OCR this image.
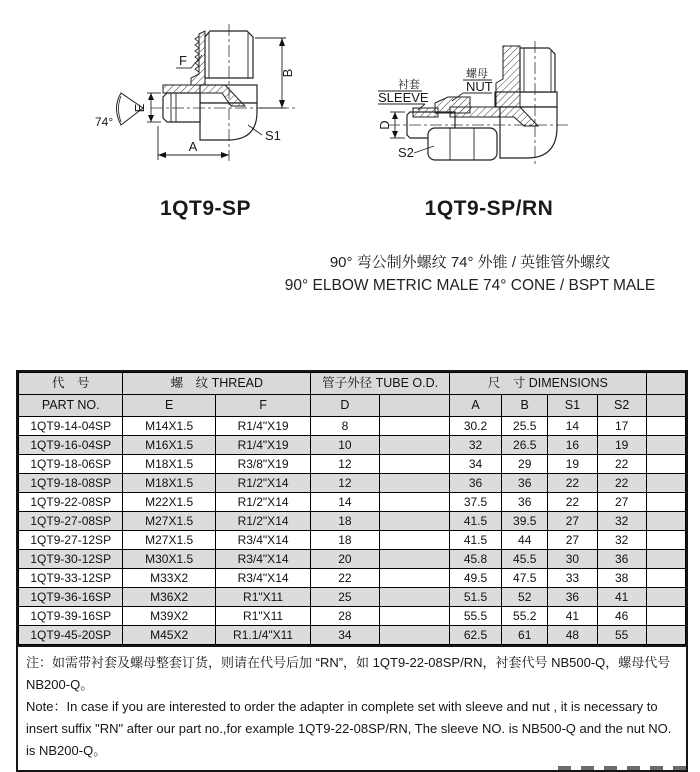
F
B
E
A
S1
74°
衬套
SLEEVE
螺母
NUT
D
S2
1QT9-SP	1QT9-SP/RN
90° 弯公制外螺纹 74° 外锥 / 英锥管外螺纹
90° ELBOW METRIC MALE 74° CONE / BSPT MALE
代　号	螺　纹 THREAD		管子外径 TUBE O.D.		尺　寸 DIMENSIONS				
PART NO.	E	F	D		A	B	S1	S2	
1QT9-14-04SP	M14X1.5	R1/4"X19	8		30.2	25.5	14	17	
1QT9-16-04SP	M16X1.5	R1/4"X19	10		32	26.5	16	19	
1QT9-18-06SP	M18X1.5	R3/8"X19	12		34	29	19	22	
1QT9-18-08SP	M18X1.5	R1/2"X14	12		36	36	22	22	
1QT9-22-08SP	M22X1.5	R1/2"X14	14		37.5	36	22	27	
1QT9-27-08SP	M27X1.5	R1/2"X14	18		41.5	39.5	27	32	
1QT9-27-12SP	M27X1.5	R3/4"X14	18		41.5	44	27	32	
1QT9-30-12SP	M30X1.5	R3/4"X14	20		45.8	45.5	30	36	
1QT9-33-12SP	M33X2	R3/4"X14	22		49.5	47.5	33	38	
1QT9-36-16SP	M36X2	R1"X11	25		51.5	52	36	41	
1QT9-39-16SP	M39X2	R1"X11	28		55.5	55.2	41	46	
1QT9-45-20SP	M45X2	R1.1/4"X11	34		62.5	61	48	55	

注：如需带衬套及螺母整套订货，则请在代号后加 “RN”，如 1QT9-22-08SP/RN，衬套代号 NB500-Q，螺母代号 NB200-Q。

Note：In case if you are interested to order the adapter in complete set with sleeve and nut , it is necessary to insert suffix "RN" after our part no.,for example 1QT9-22-08SP/RN, The sleeve NO. is NB500-Q and the nut NO. is NB200-Q。
